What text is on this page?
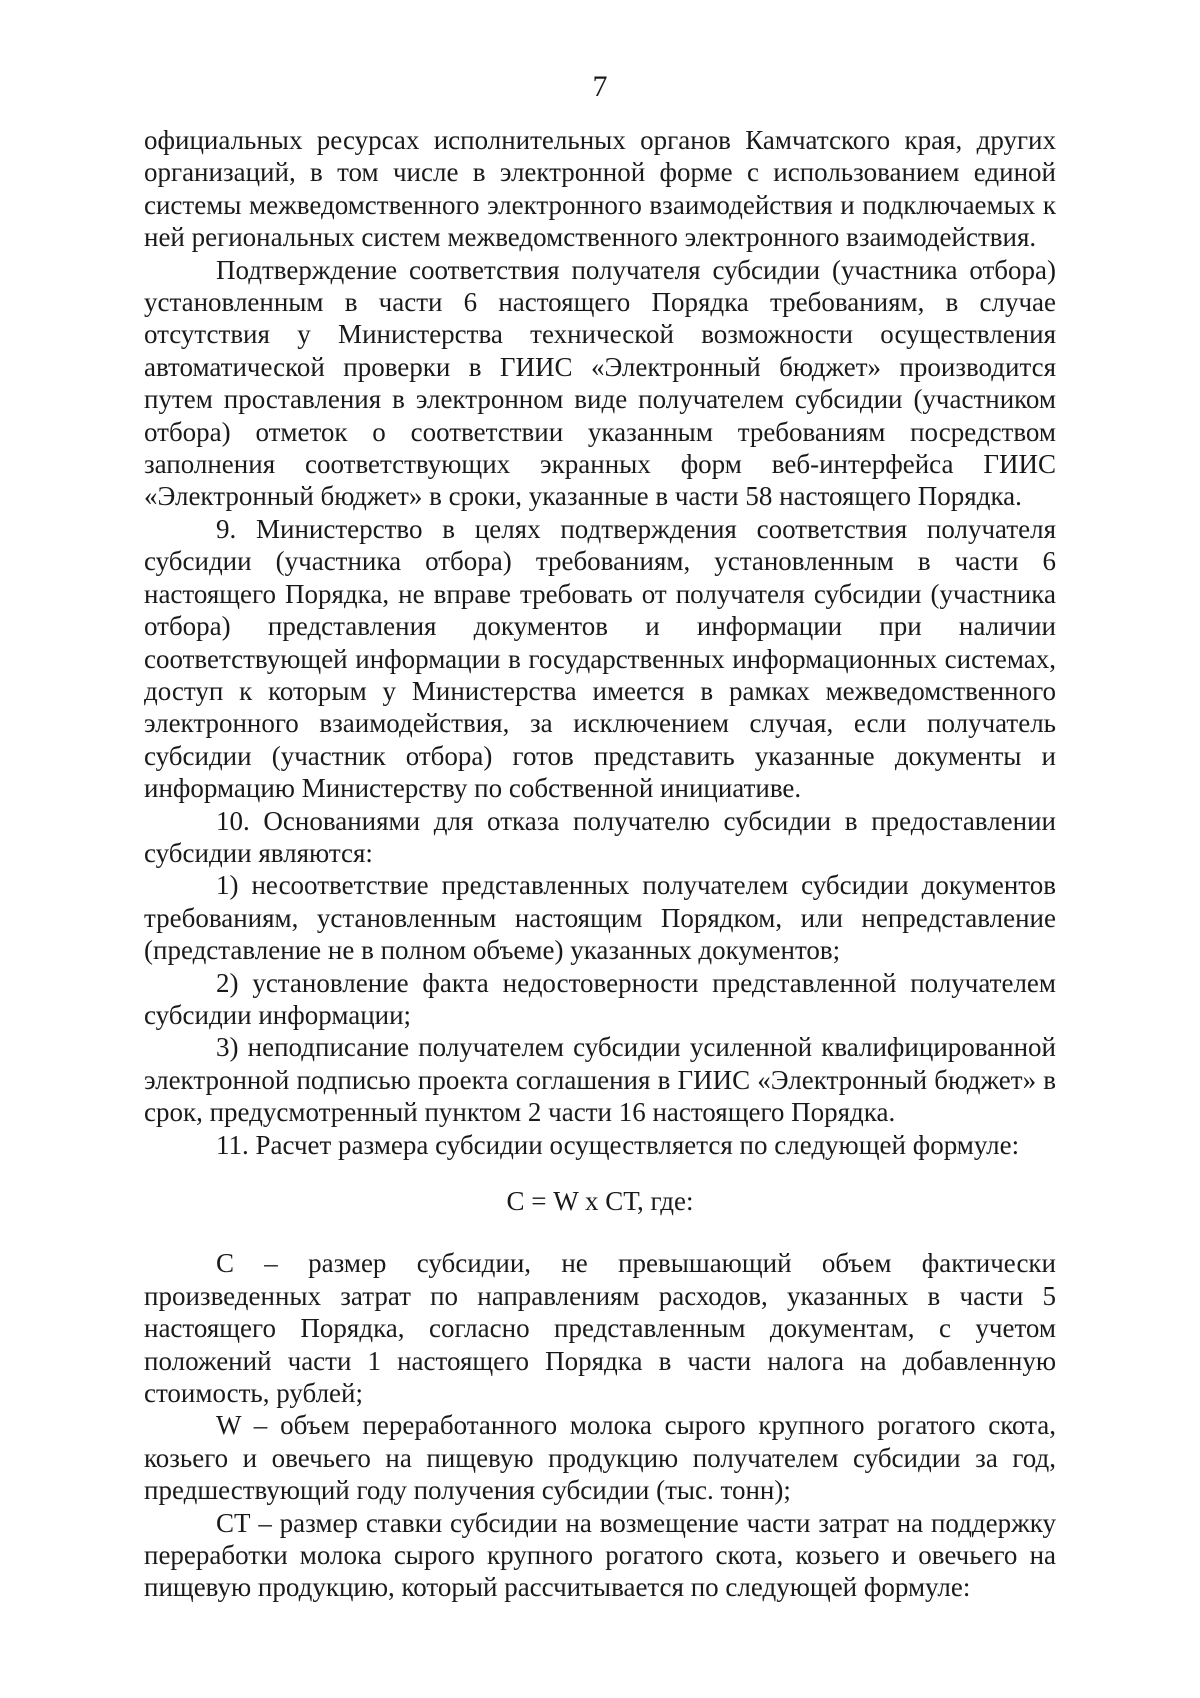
7

официальных ресурсах исполнительных органов Камчатского края, других организаций, в том числе в электронной форме с использованием единой системы межведомственного электронного взаимодействия и подключаемых к ней региональных систем межведомственного электронного взаимодействия.

Подтверждение соответствия получателя субсидии (участника отбора) установленным в части 6 настоящего Порядка требованиям, в случае отсутствия у Министерства технической возможности осуществления автоматической проверки в ГИИС «Электронный бюджет» производится путем проставления в электронном виде получателем субсидии (участником отбора) отметок о соответствии указанным требованиям посредством заполнения соответствующих экранных форм веб-интерфейса ГИИС «Электронный бюджет» в сроки, указанные в части 58 настоящего Порядка.

9. Министерство в целях подтверждения соответствия получателя субсидии (участника отбора) требованиям, установленным в части 6 настоящего Порядка, не вправе требовать от получателя субсидии (участника отбора) представления документов и информации при наличии соответствующей информации в государственных информационных системах, доступ к которым у Министерства имеется в рамках межведомственного электронного взаимодействия, за исключением случая, если получатель субсидии (участник отбора) готов представить указанные документы и информацию Министерству по собственной инициативе.

10. Основаниями для отказа получателю субсидии в предоставлении субсидии являются:

1) несоответствие представленных получателем субсидии документов требованиям, установленным настоящим Порядком, или непредставление (представление не в полном объеме) указанных документов;

2) установление факта недостоверности представленной получателем субсидии информации;

3) неподписание получателем субсидии усиленной квалифицированной электронной подписью проекта соглашения в ГИИС «Электронный бюджет» в срок, предусмотренный пунктом 2 части 16 настоящего Порядка.

11. Расчет размера субсидии осуществляется по следующей формуле:

С = W x СТ, где:

С – размер субсидии, не превышающий объем фактически произведенных затрат по направлениям расходов, указанных в части 5 настоящего Порядка, согласно представленным документам, с учетом положений части 1 настоящего Порядка в части налога на добавленную стоимость, рублей;

W – объем переработанного молока сырого крупного рогатого скота, козьего и овечьего на пищевую продукцию получателем субсидии за год, предшествующий году получения субсидии (тыс. тонн);

СТ – размер ставки субсидии на возмещение части затрат на поддержку переработки молока сырого крупного рогатого скота, козьего и овечьего на пищевую продукцию, который рассчитывается по следующей формуле:
